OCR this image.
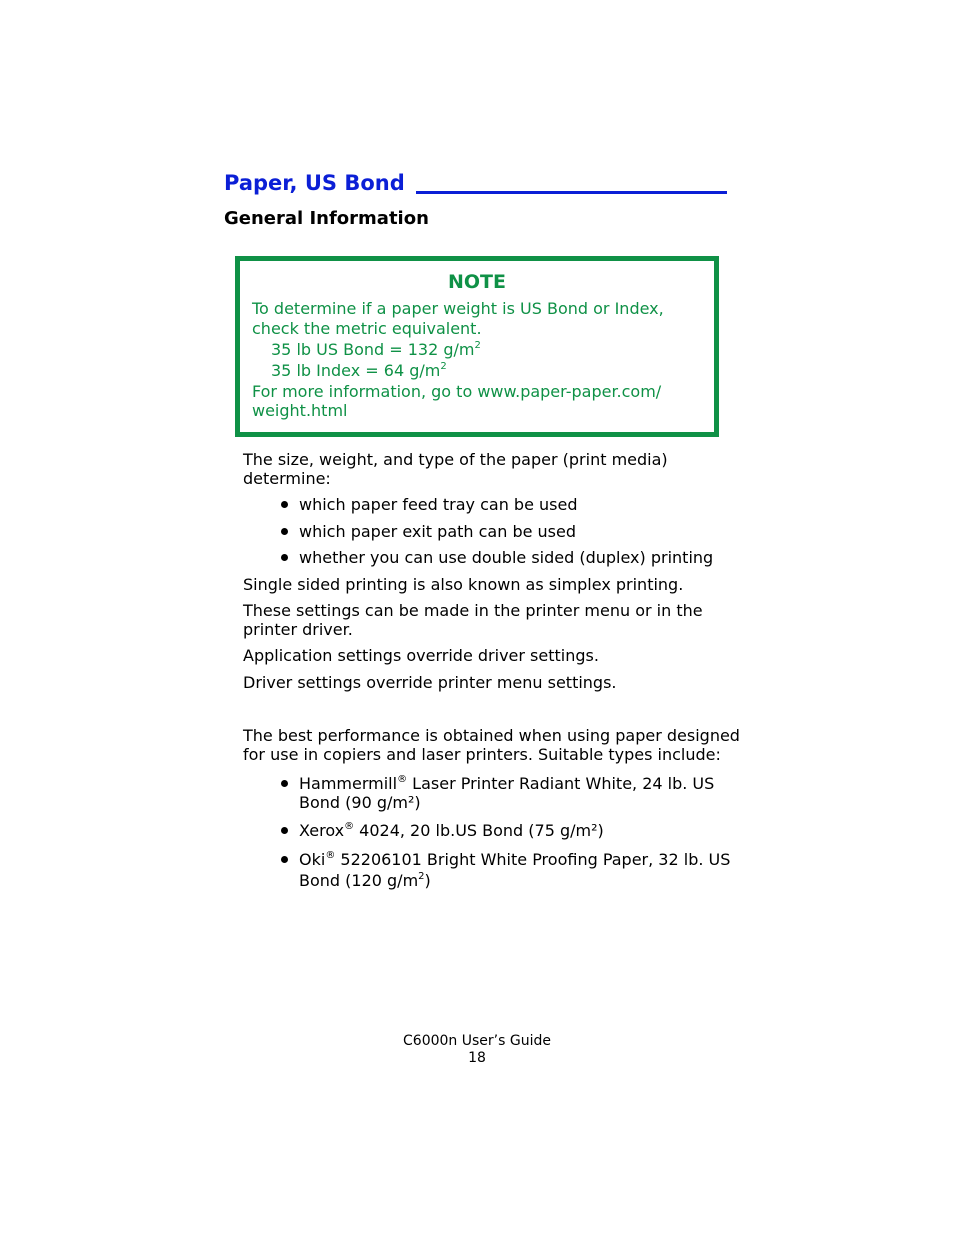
Paper, US Bond
General Information
NOTE
To determine if a paper weight is US Bond or Index,
check the metric equivalent.
35 lb US Bond = 132 $g/m^2$
35 lb Index = 64 $g/m^2$
For more information, go to www.paper-paper.com/
weight.html
The size, weight, and type of the paper (print media)
determine:
which paper feed tray can be used
which paper exit path can be used
whether you can use double sided (duplex) printing
Single sided printing is also known as simplex printing.
These settings can be made in the printer menu or in the
printer driver.
Application settings override driver settings.
Driver settings override printer menu settings.
The best performance is obtained when using paper designed
for use in copiers and laser printers. Suitable types include:
Hammermill® Laser Printer Radiant White, 24 lb. US
Bond (90 g/m²)
Xerox® 4024, 20 lb.US Bond (75 g/m²)
Oki® 52206101 Bright White Proofing Paper, 32 lb. US
Bond (120 $g/m^2$)
C6000n User’s Guide
18
